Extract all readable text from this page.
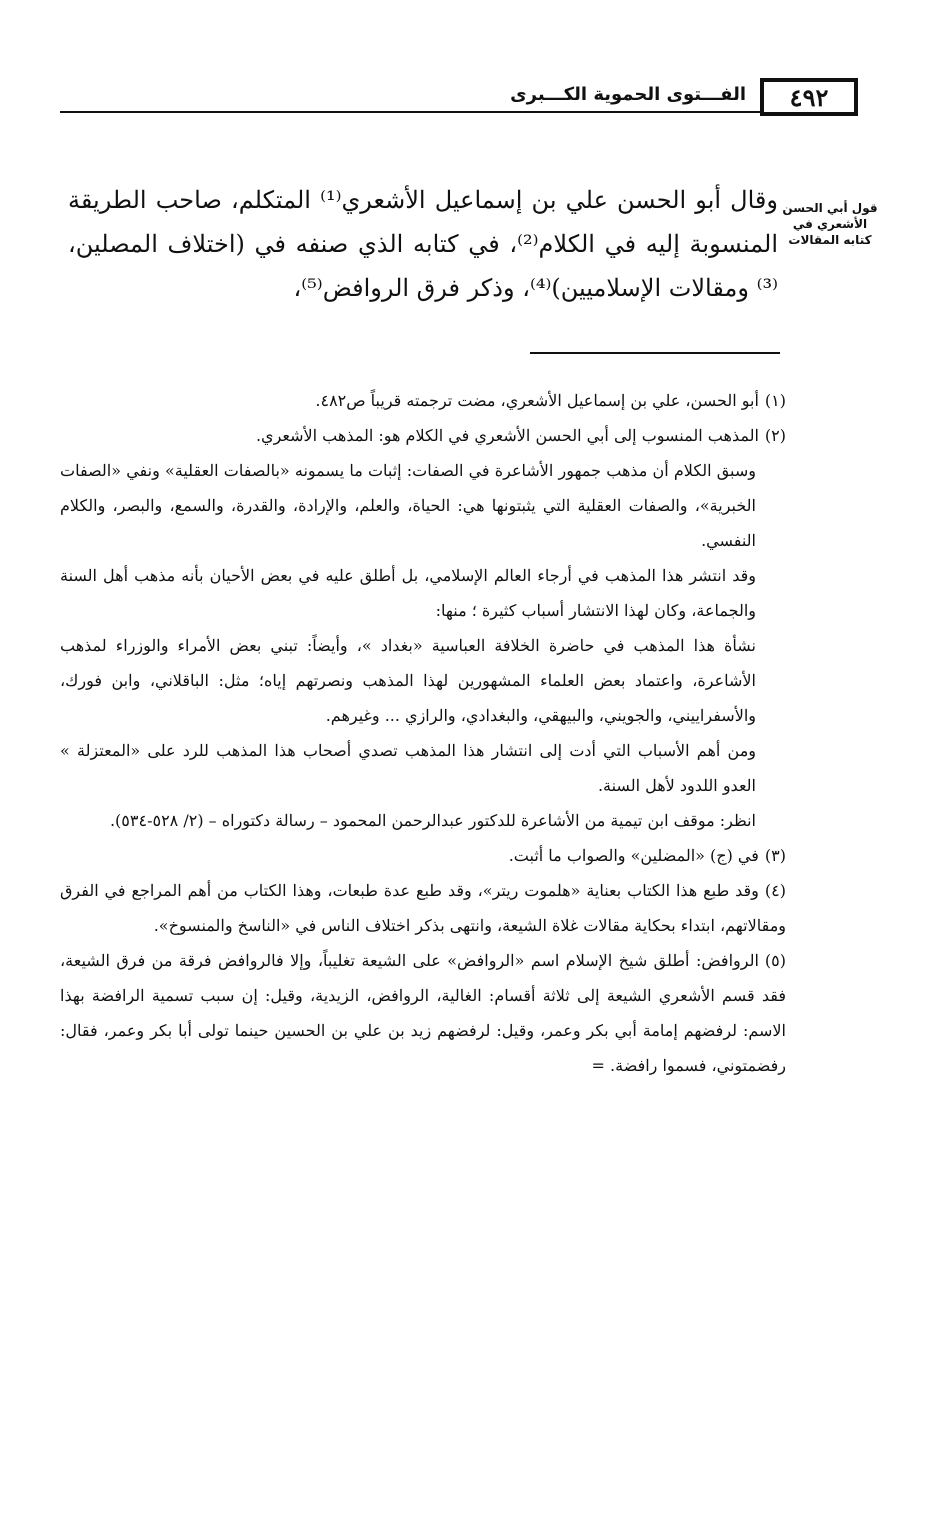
٤٩٢
الفـــتوى الحموية الكـــبرى
قول أبي الحسن الأشعري في كتابه المقالات
وقال أبو الحسن علي بن إسماعيل الأشعري⁽¹⁾ المتكلم، صاحب الطريقة المنسوبة إليه في الكلام⁽²⁾، في كتابه الذي صنفه في (اختلاف المصلين،⁽³⁾ ومقالات الإسلاميين)⁽⁴⁾، وذكر فرق الروافض⁽⁵⁾،
(١)أبو الحسن، علي بن إسماعيل الأشعري، مضت ترجمته قريباً ص٤٨٢.
(٢)المذهب المنسوب إلى أبي الحسن الأشعري في الكلام هو: المذهب الأشعري.
وسبق الكلام أن مذهب جمهور الأشاعرة في الصفات: إثبات ما يسمونه «بالصفات العقلية» ونفي «الصفات الخبرية»، والصفات العقلية التي يثبتونها هي: الحياة، والعلم، والإرادة، والقدرة، والسمع، والبصر، والكلام النفسي.
وقد انتشر هذا المذهب في أرجاء العالم الإسلامي، بل أطلق عليه في بعض الأحيان بأنه مذهب أهل السنة والجماعة، وكان لهذا الانتشار أسباب كثيرة ؛ منها:
نشأة هذا المذهب في حاضرة الخلافة العباسية «بغداد »، وأيضاً: تبني بعض الأمراء والوزراء لمذهب الأشاعرة، واعتماد بعض العلماء المشهورين لهذا المذهب ونصرتهم إياه؛ مثل: الباقلاني، وابن فورك، والأسفراييني، والجويني، والبيهقي، والبغدادي، والرازي ... وغيرهم.
ومن أهم الأسباب التي أدت إلى انتشار هذا المذهب تصدي أصحاب هذا المذهب للرد على «المعتزلة » العدو اللدود لأهل السنة.
انظر: موقف ابن تيمية من الأشاعرة للدكتور عبدالرحمن المحمود – رسالة دكتوراه – (٢/ ٥٢٨-٥٣٤).
(٣)في (ج) «المضلين» والصواب ما أثبت.
(٤)وقد طبع هذا الكتاب بعناية «هلموت ريتر»، وقد طبع عدة طبعات، وهذا الكتاب من أهم المراجع في الفرق ومقالاتهم، ابتداء بحكاية مقالات غلاة الشيعة، وانتهى بذكر اختلاف الناس في «الناسخ والمنسوخ».
(٥)الروافض: أطلق شيخ الإسلام اسم «الروافض» على الشيعة تغليباً، وإلا فالروافض فرقة من فرق الشيعة، فقد قسم الأشعري الشيعة إلى ثلاثة أقسام: الغالية، الروافض، الزيدية، وقيل: إن سبب تسمية الرافضة بهذا الاسم: لرفضهم إمامة أبي بكر وعمر، وقيل: لرفضهم زيد بن علي بن الحسين حينما تولى أبا بكر وعمر، فقال: رفضمتوني، فسموا رافضة. =
